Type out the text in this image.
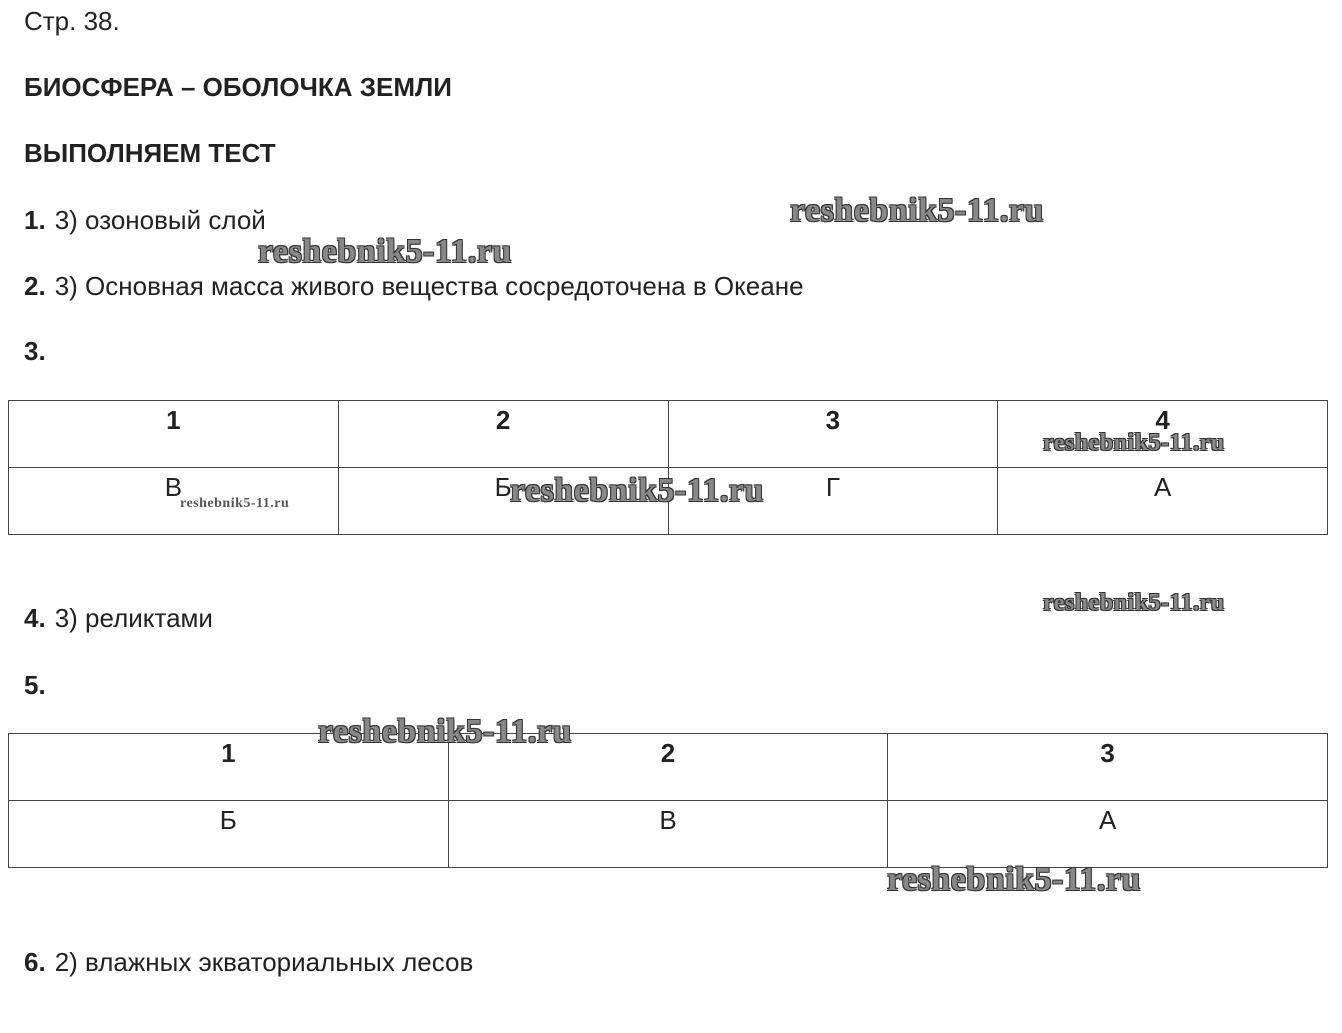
Стр. 38.
БИОСФЕРА – ОБОЛОЧКА ЗЕМЛИ
ВЫПОЛНЯЕМ ТЕСТ
1. 3) озоновый слой
2. 3) Основная масса живого вещества сосредоточена в Океане
3.
1	2	3	4
В	Б	Г	А
4. 3) реликтами
5.
1	2	3
Б	В	А
6. 2) влажных экваториальных лесов
reshebnik5-11.ru
reshebnik5-11.ru
reshebnik5-11.ru
reshebnik5-11.ru	reshebnik5-11.ru
reshebnik5-11.ru
reshebnik5-11.ru
reshebnik5-11.ru
